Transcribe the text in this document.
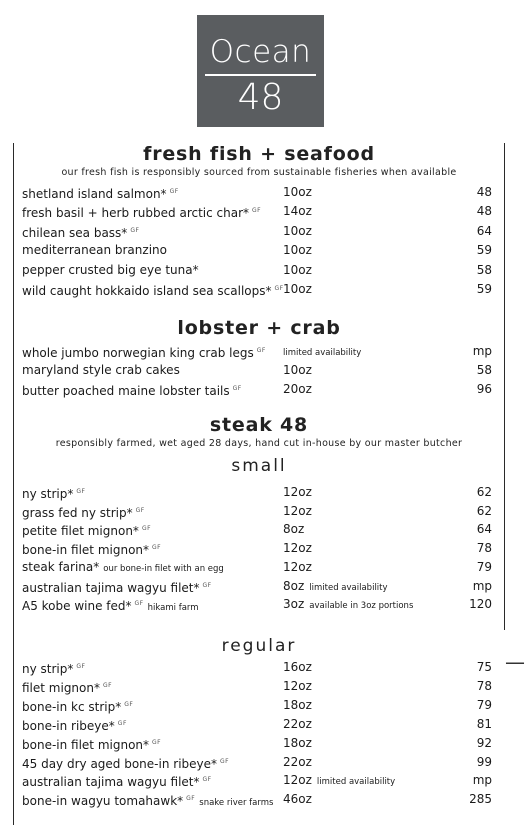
Ocean
48
—
fresh fish + seafood
our fresh fish is responsibly sourced from sustainable fisheries when available
shetland island salmon* $^{GF}$	10oz	48
fresh basil + herb rubbed arctic char* $^{GF}$ 14oz	48
chilean sea bass* $^{GF}$	10oz	64
mediterranean branzino	10oz	59
pepper crusted big eye tuna*	10oz	58
wild caught hokkaido island sea scallops* $^{GF}$ 10oz	59
lobster + crab
whole jumbo norwegian king crab legs $^{GF}$ limited availability	mp
maryland style crab cakes	10oz	58
butter poached maine lobster tails $^{GF}$	20oz	96
steak 48
responsibly farmed, wet aged 28 days, hand cut in-house by our master butcher
small
ny strip* $^{GF}$	12oz	62
grass fed ny strip* $^{GF}$	12oz	62
petite filet mignon* $^{GF}$	8oz	64
bone-in filet mignon* $^{GF}$	12oz	78
steak farina* our bone-in filet with an egg	12oz	79
australian tajima wagyu filet* $^{GF}$	8oz limited availability	mp
A5 kobe wine fed* $^{GF}$ hikami farm	3oz available in 3oz portions	120
regular
ny strip* $^{GF}$	16oz	75
filet mignon* $^{GF}$	12oz	78
bone-in kc strip* $^{GF}$	18oz	79
bone-in ribeye* $^{GF}$	22oz	81
bone-in filet mignon* $^{GF}$	18oz	92
45 day dry aged bone-in ribeye* $^{GF}$	22oz	99
australian tajima wagyu filet* $^{GF}$	12oz limited availability	mp
bone-in wagyu tomahawk* $^{GF}$ snake river farms 46oz	285
